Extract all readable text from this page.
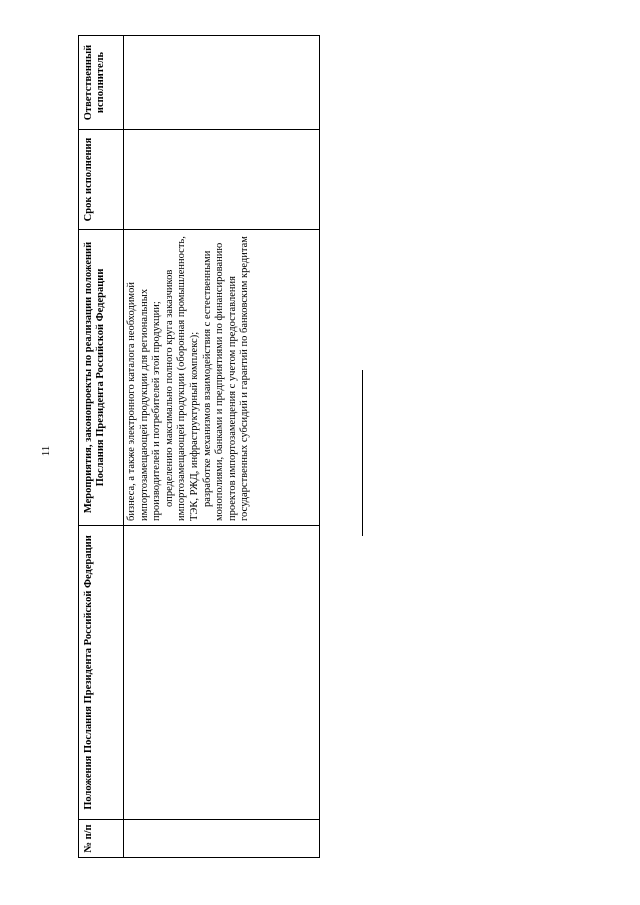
11
№ п/п	Положения Послания Президента Российской Федерации	Мероприятия, законопроекты по реализации положений Послания Президента Российской Федерации	Срок исполнения	Ответственный исполнитель

		бизнеса, а также электронного каталога необходимой импортозамещающей продукции для региональных производителей и потребителей этой продукции; определению максимально полного круга заказчиков импортозамещающей продукции (оборонная промышленность, ТЭК, РЖД, инфраструктурный комплекс); разработке механизмов взаимодействия с естественными монополиями, банками и предприятиями по финансированию проектов импортозамещения с учетом предоставления государственных субсидий и гарантий по банковским кредитам		
